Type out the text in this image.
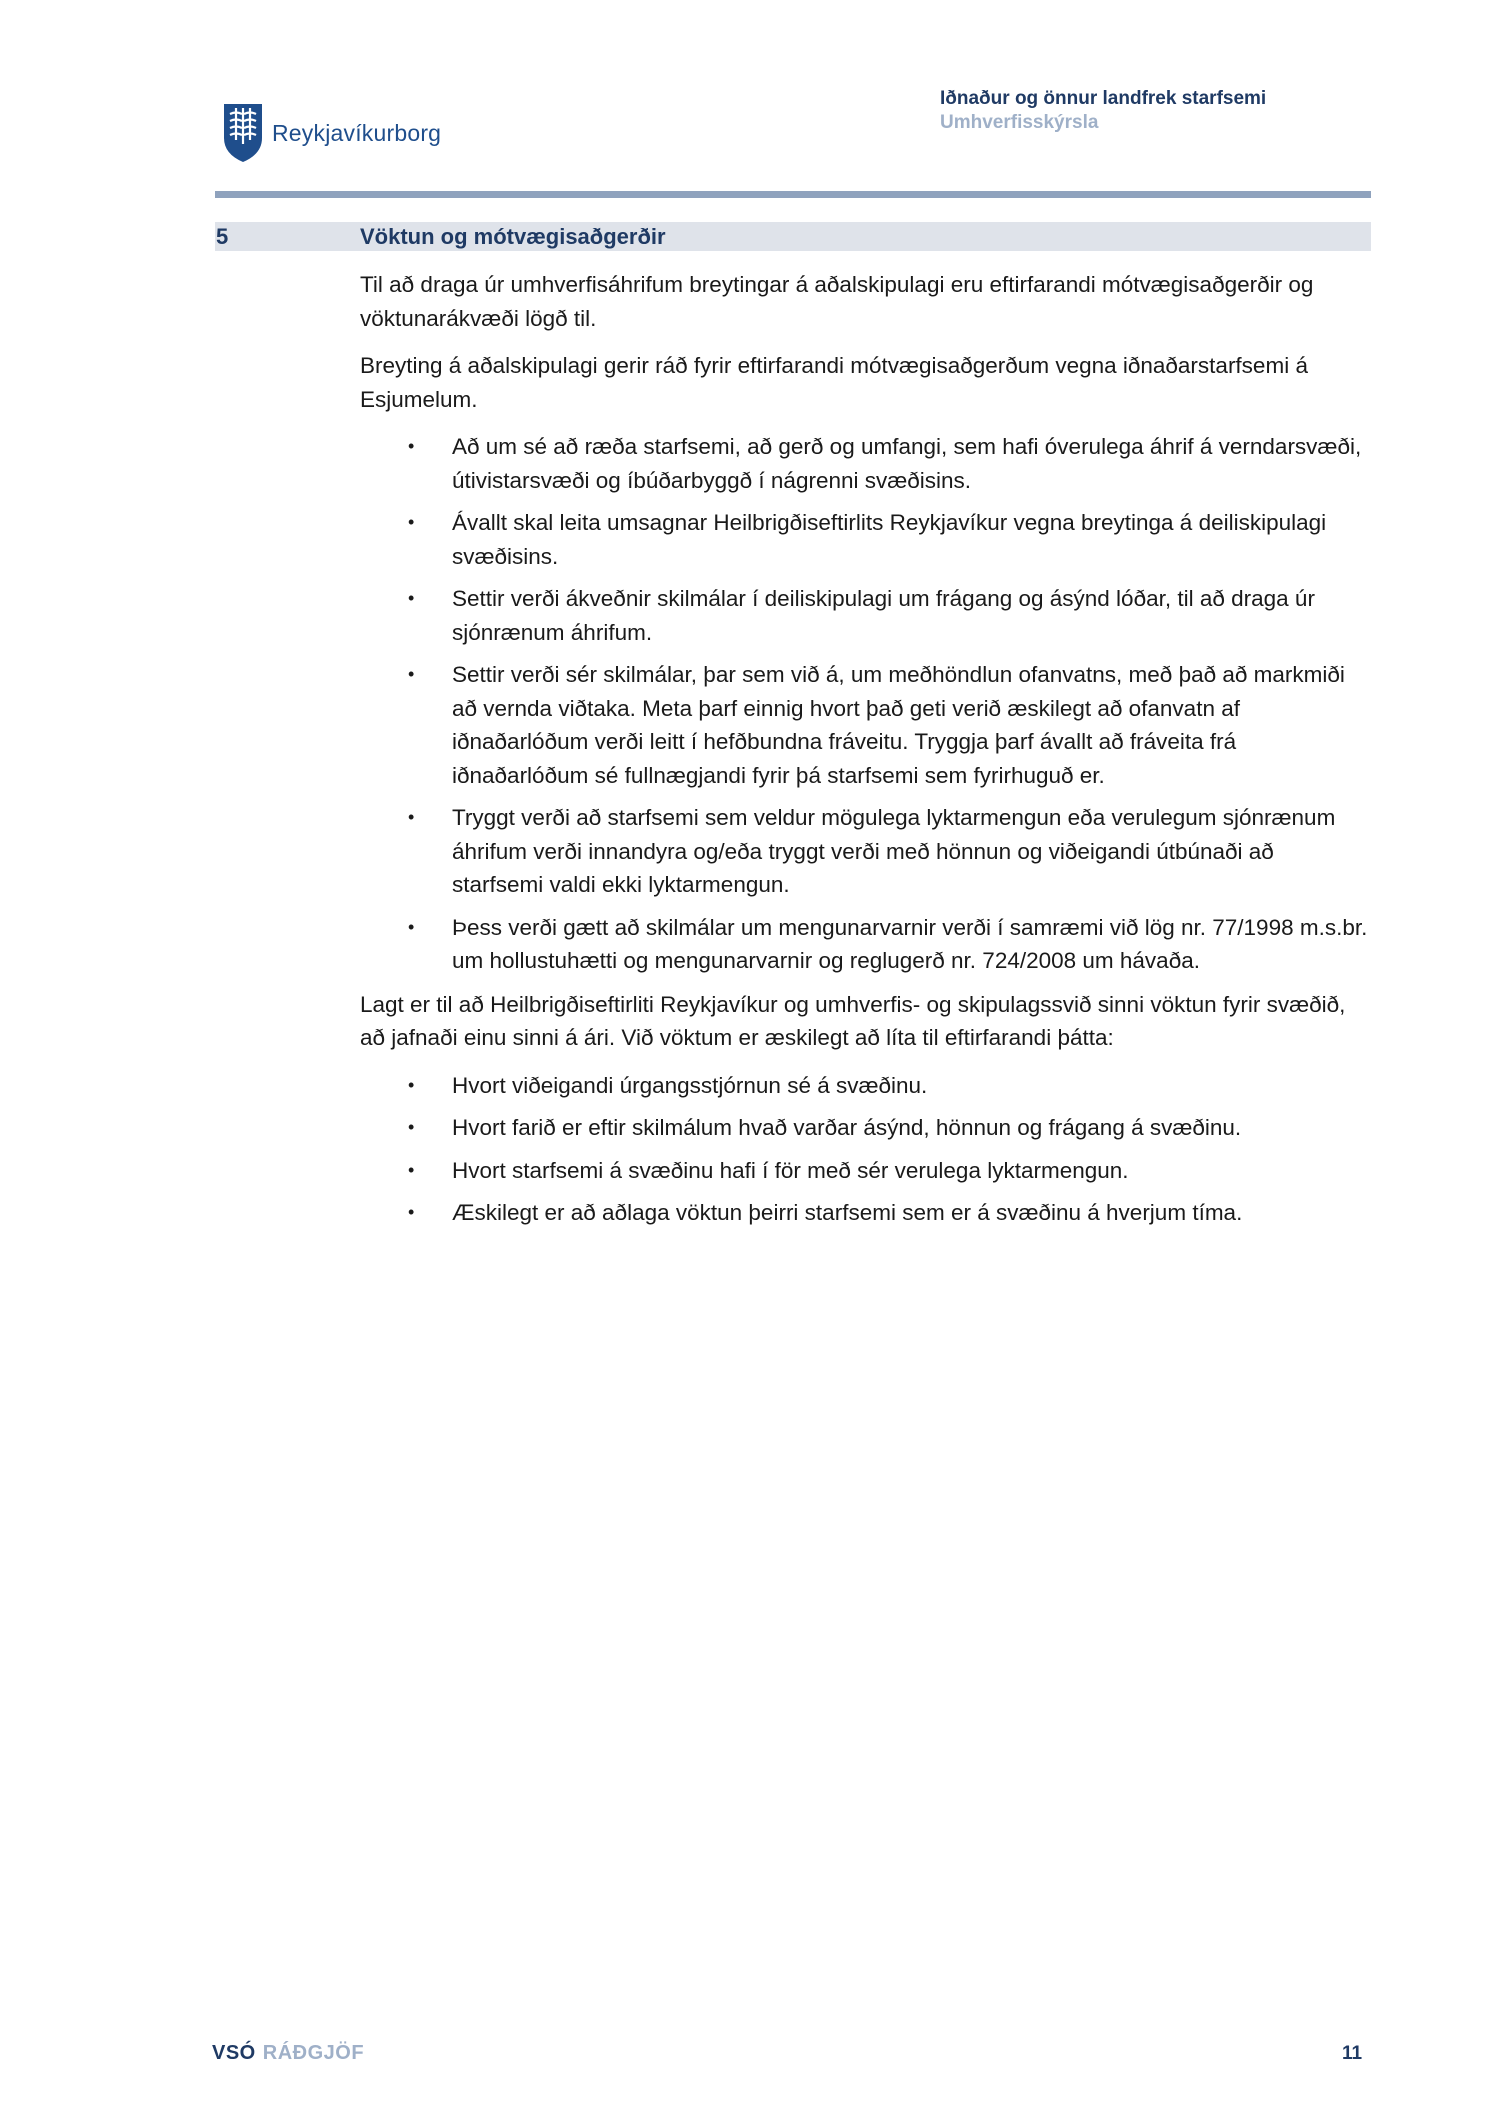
Reykjavíkurborg
Iðnaður og önnur landfrek starfsemi
Umhverfisskýrsla
5	Vöktun og mótvægisaðgerðir

Til að draga úr umhverfisáhrifum breytingar á aðalskipulagi eru eftirfarandi mótvægisaðgerðir og vöktunarákvæði lögð til.

Breyting á aðalskipulagi gerir ráð fyrir eftirfarandi mótvægisaðgerðum vegna iðnaðarstarfsemi á Esjumelum.

• Að um sé að ræða starfsemi, að gerð og umfangi, sem hafi óverulega áhrif á verndarsvæði, útivistarsvæði og íbúðarbyggð í nágrenni svæðisins.
• Ávallt skal leita umsagnar Heilbrigðiseftirlits Reykjavíkur vegna breytinga á deiliskipulagi svæðisins.
• Settir verði ákveðnir skilmálar í deiliskipulagi um frágang og ásýnd lóðar, til að draga úr sjónrænum áhrifum.
• Settir verði sér skilmálar, þar sem við á, um meðhöndlun ofanvatns, með það að markmiði að vernda viðtaka. Meta þarf einnig hvort það geti verið æskilegt að ofanvatn af iðnaðarlóðum verði leitt í hefðbundna fráveitu. Tryggja þarf ávallt að fráveita frá iðnaðarlóðum sé fullnægjandi fyrir þá starfsemi sem fyrirhuguð er.
• Tryggt verði að starfsemi sem veldur mögulega lyktarmengun eða verulegum sjónrænum áhrifum verði innandyra og/eða tryggt verði með hönnun og viðeigandi útbúnaði að starfsemi valdi ekki lyktarmengun.
• Þess verði gætt að skilmálar um mengunarvarnir verði í samræmi við lög nr. 77/1998 m.s.br. um hollustuhætti og mengunarvarnir og reglugerð nr. 724/2008 um hávaða.

Lagt er til að Heilbrigðiseftirliti Reykjavíkur og umhverfis- og skipulagssvið sinni vöktun fyrir svæðið, að jafnaði einu sinni á ári. Við vöktum er æskilegt að líta til eftirfarandi þátta:

• Hvort viðeigandi úrgangsstjórnun sé á svæðinu.
• Hvort farið er eftir skilmálum hvað varðar ásýnd, hönnun og frágang á svæðinu.
• Hvort starfsemi á svæðinu hafi í för með sér verulega lyktarmengun.
• Æskilegt er að aðlaga vöktun þeirri starfsemi sem er á svæðinu á hverjum tíma.
VSÓ RÁÐGJÖF	11
